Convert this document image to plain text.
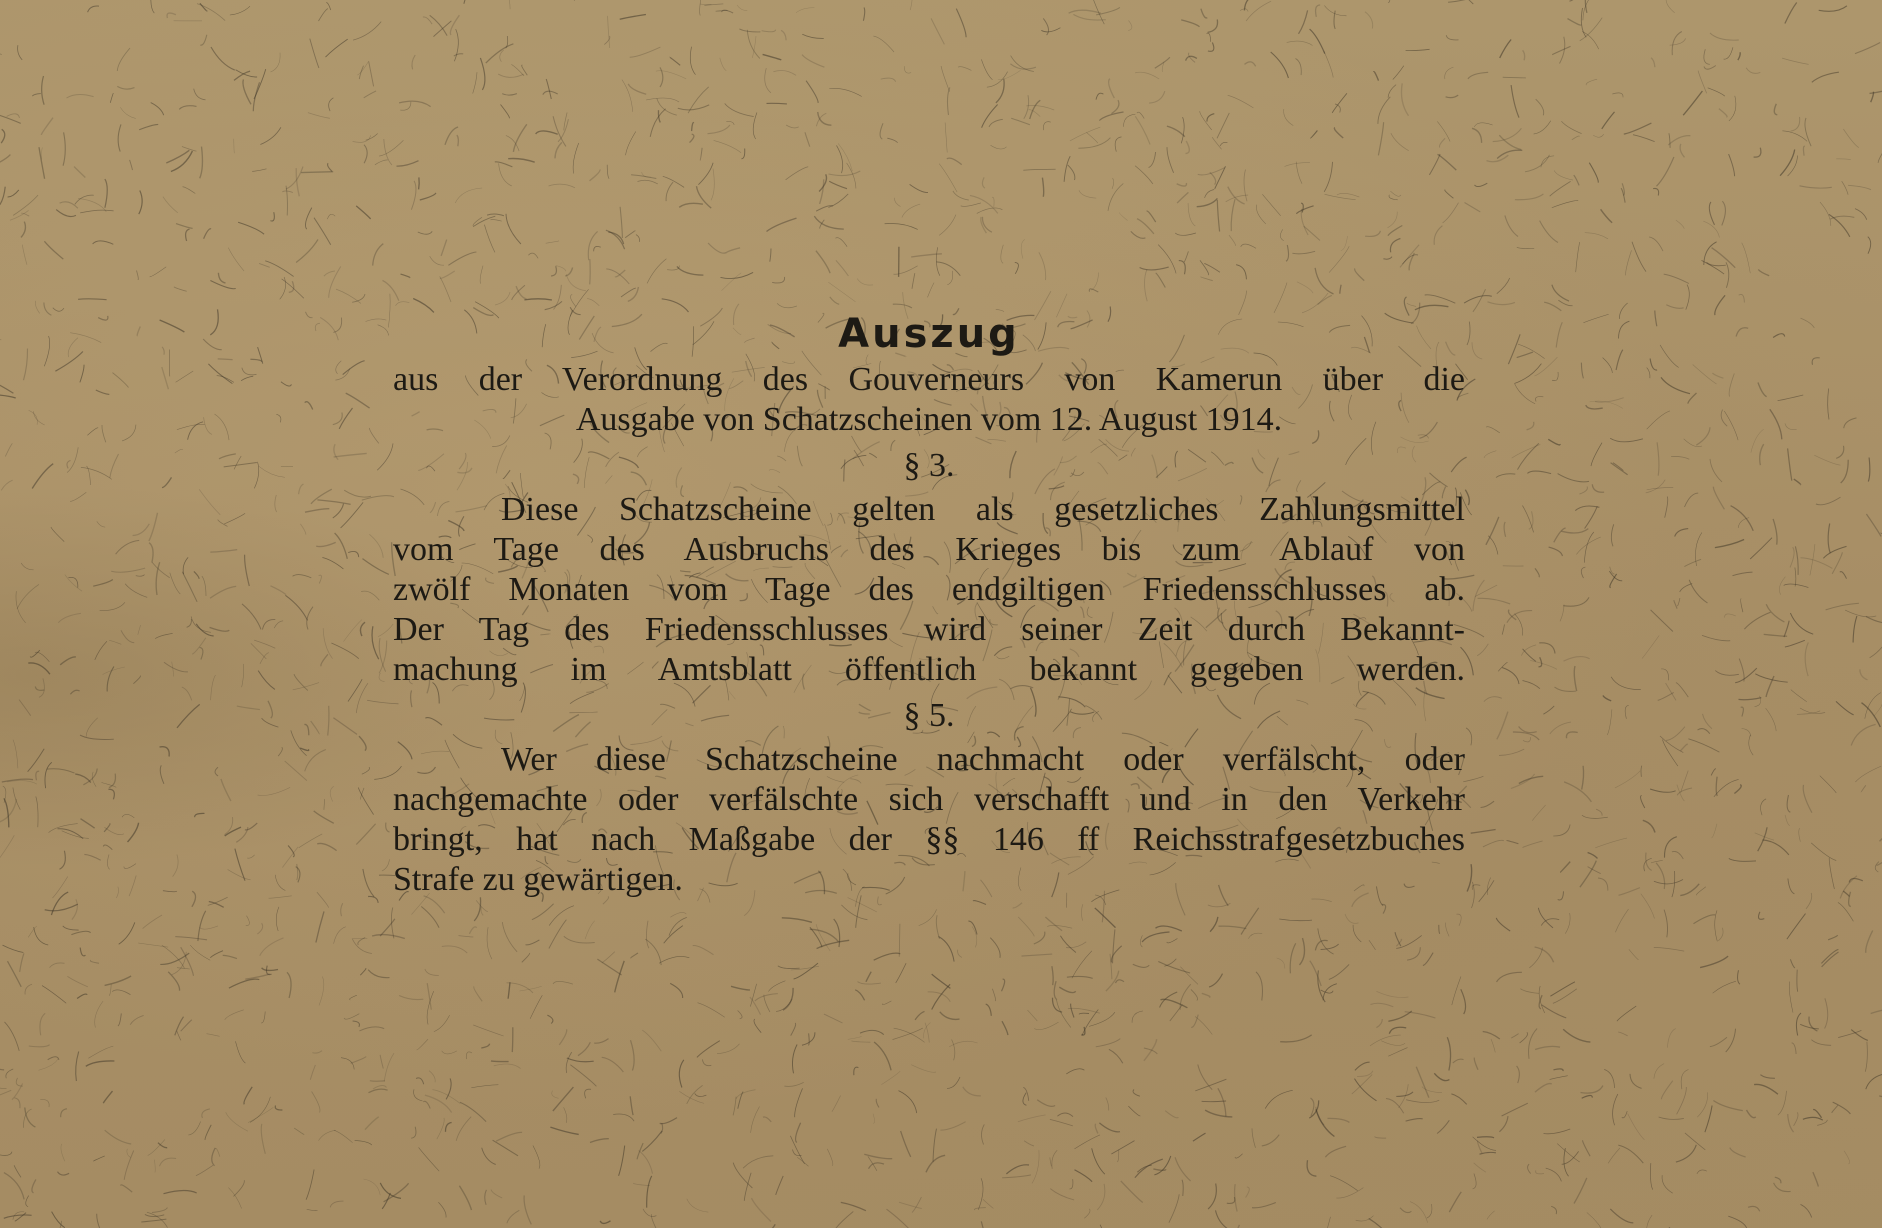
Auszug
aus der Verordnung des Gouverneurs von Kamerun über die
Ausgabe von Schatzscheinen vom 12. August 1914.
§ 3.
Diese Schatzscheine gelten als gesetzliches Zahlungsmittel
vom Tage des Ausbruchs des Krieges bis zum Ablauf von
zwölf Monaten vom Tage des endgiltigen Friedensschlusses ab.
Der Tag des Friedensschlusses wird seiner Zeit durch Bekannt-
machung im Amtsblatt öffentlich bekannt gegeben werden.
§ 5.
Wer diese Schatzscheine nachmacht oder verfälscht, oder
nachgemachte oder verfälschte sich verschafft und in den Verkehr
bringt, hat nach Maßgabe der §§ 146 ff Reichsstrafgesetzbuches
Strafe zu gewärtigen.
